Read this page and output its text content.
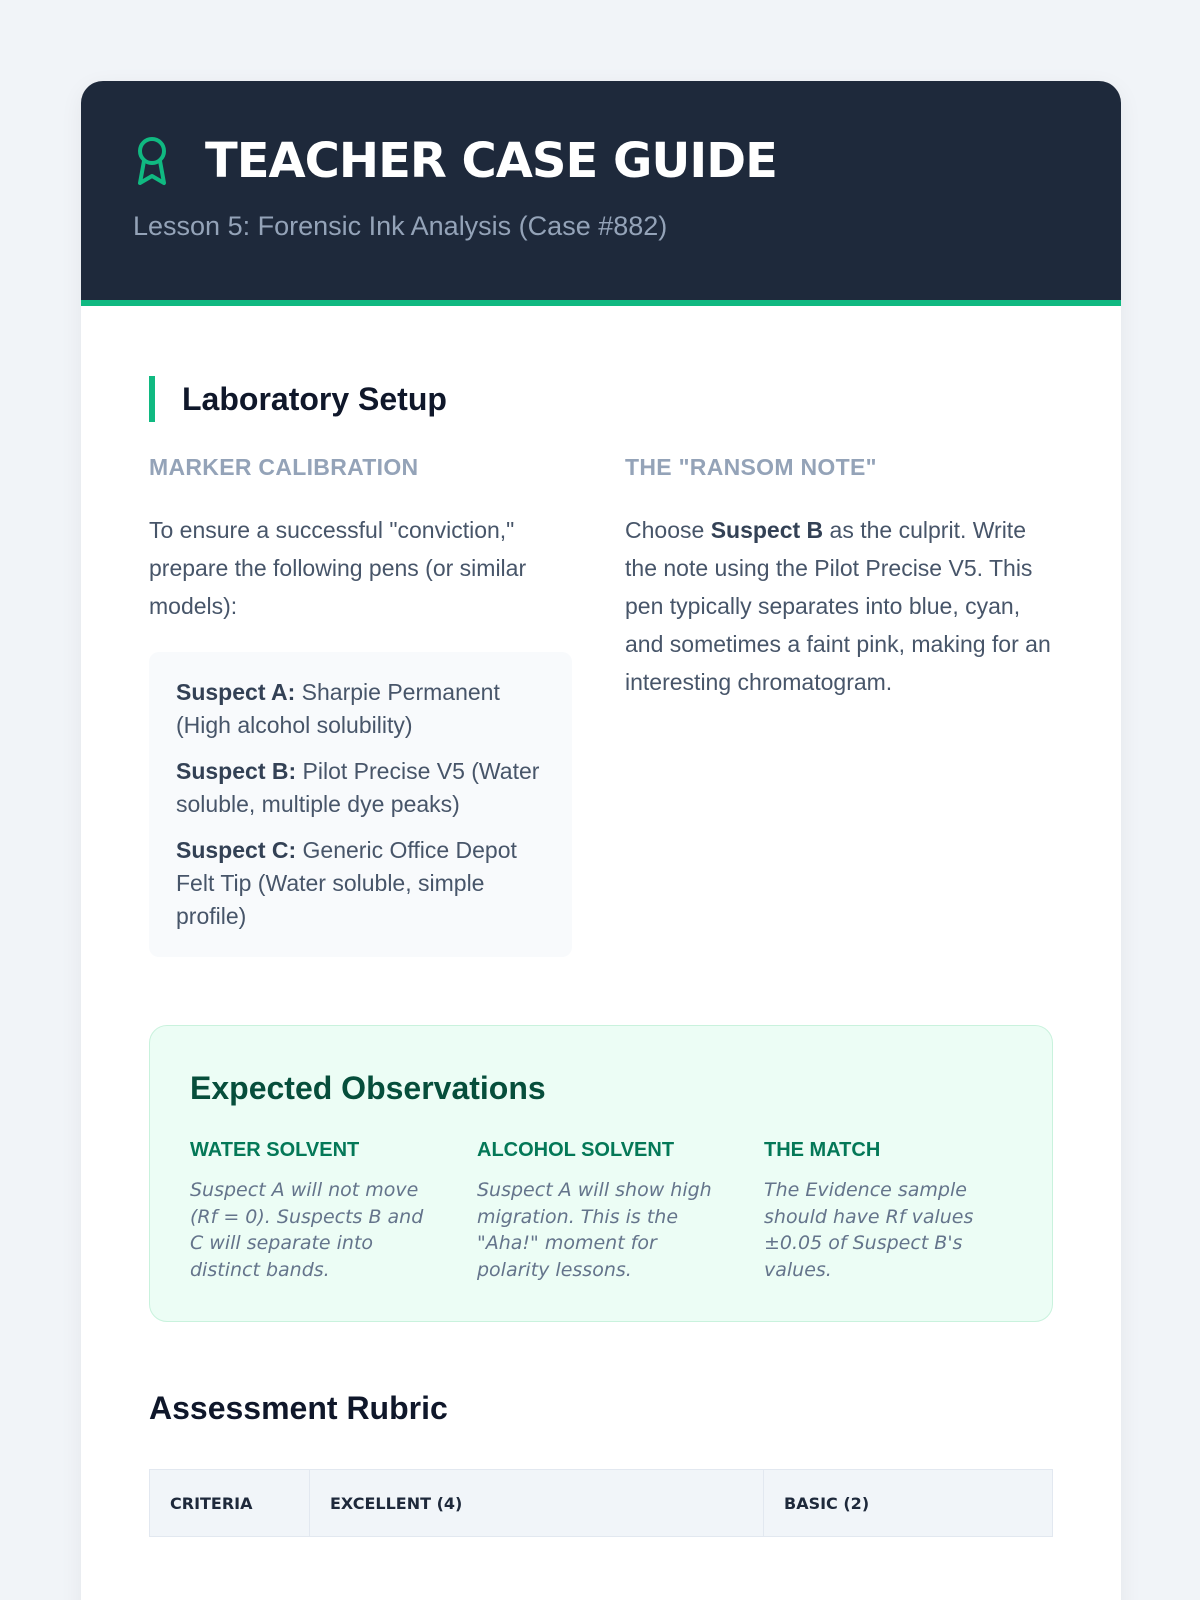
TEACHER CASE GUIDE
Lesson 5: Forensic Ink Analysis (Case #882)
Laboratory Setup
MARKER CALIBRATION

To ensure a successful "conviction," prepare the following pens (or similar models):

Suspect A: Sharpie Permanent (High alcohol solubility)
Suspect B: Pilot Precise V5 (Water soluble, multiple dye peaks)
Suspect C: Generic Office Depot Felt Tip (Water soluble, simple profile)
THE "RANSOM NOTE"

Choose Suspect B as the culprit. Write the note using the Pilot Precise V5. This pen typically separates into blue, cyan, and sometimes a faint pink, making for an interesting chromatogram.

Expected Observations
WATER SOLVENT

Suspect A will not move (Rf = 0). Suspects B and C will separate into distinct bands.

ALCOHOL SOLVENT

Suspect A will show high migration. This is the "Aha!" moment for polarity lessons.

THE MATCH

The Evidence sample should have Rf values ±0.05 of Suspect B's values.

Assessment Rubric
CRITERIA	EXCELLENT (4)	BASIC (2)
